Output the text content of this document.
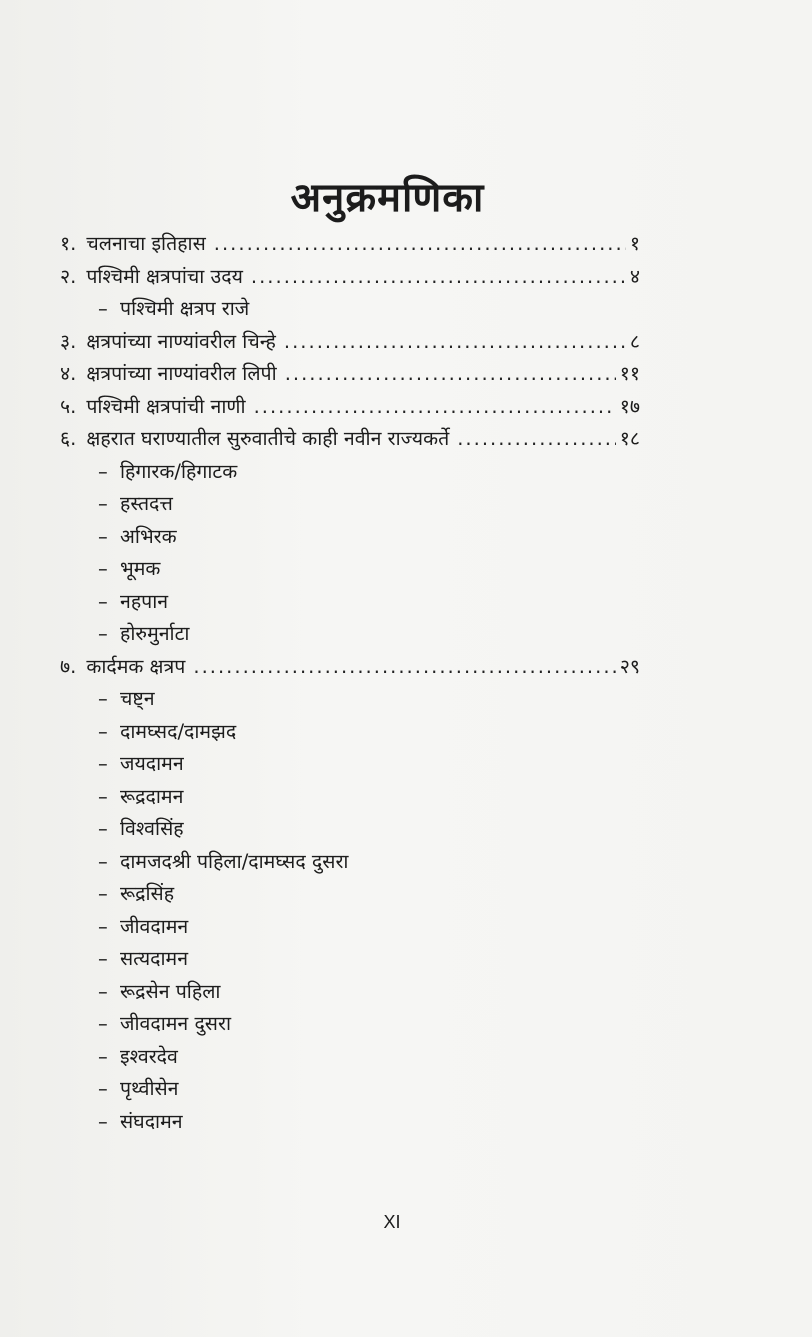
अनुक्रमणिका
१. चलनाचा इतिहास .....	१
२. पश्चिमी क्षत्रपांचा उदय .....	४
– पश्चिमी क्षत्रप राजे
३. क्षत्रपांच्या नाण्यांवरील चिन्हे .....	८
४. क्षत्रपांच्या नाण्यांवरील लिपी .....	११
५. पश्चिमी क्षत्रपांची नाणी .....	१७
६. क्षहरात घराण्यातील सुरुवातीचे काही नवीन राज्यकर्ते .....	१८
– हिगारक/हिगाटक
– हस्तदत्त
– अभिरक
– भूमक
– नहपान
– होरुमुर्नाटा
७. कार्दमक क्षत्रप .....	२९
– चष्ट्न
– दामघ्सद/दामझद
– जयदामन
– रूद्रदामन
– विश्वसिंह
– दामजदश्री पहिला/दामघ्सद दुसरा
– रूद्रसिंह
– जीवदामन
– सत्यदामन
– रूद्रसेन पहिला
– जीवदामन दुसरा
– इश्वरदेव
– पृथ्वीसेन
– संघदामन
XI
